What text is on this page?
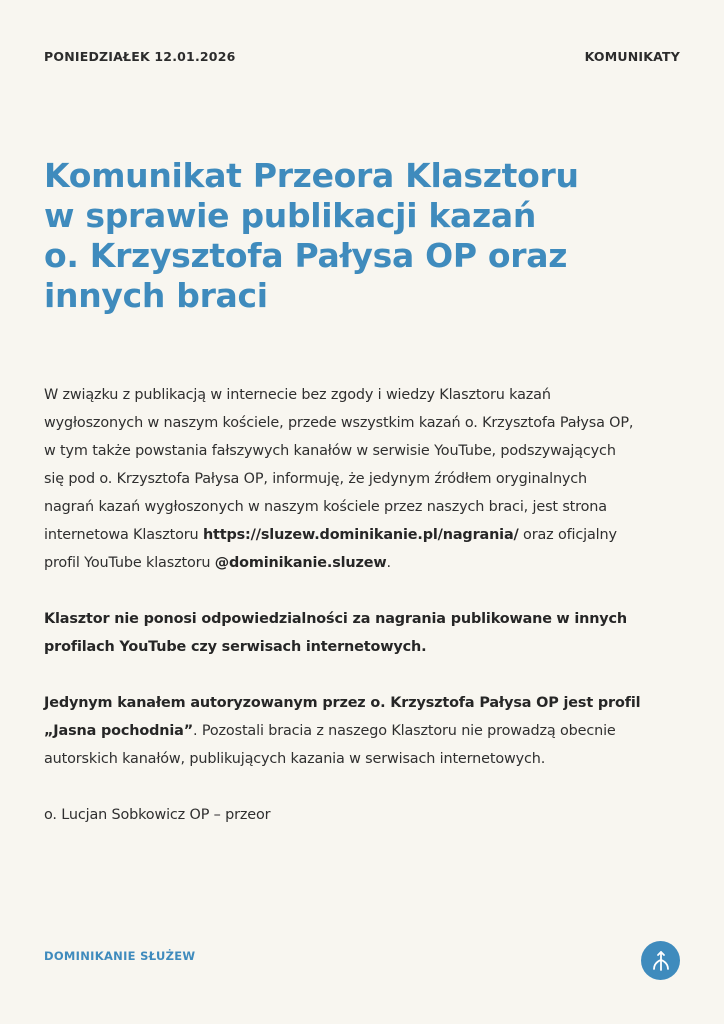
PONIEDZIAŁEK 12.01.2026	KOMUNIKATY
Komunikat Przeora Klasztoru
w sprawie publikacji kazań
o. Krzysztofa Pałysa OP oraz
innych braci

W związku z publikacją w internecie bez zgody i wiedzy Klasztoru kazań
wygłoszonych w naszym kościele, przede wszystkim kazań o. Krzysztofa Pałysa OP,
w tym także powstania fałszywych kanałów w serwisie YouTube, podszywających
się pod o. Krzysztofa Pałysa OP, informuję, że jedynym źródłem oryginalnych
nagrań kazań wygłoszonych w naszym kościele przez naszych braci, jest strona
internetowa Klasztoru https://sluzew.dominikanie.pl/nagrania/ oraz oficjalny
profil YouTube klasztoru @dominikanie.sluzew.

Klasztor nie ponosi odpowiedzialności za nagrania publikowane w innych profilach YouTube czy serwisach internetowych.

Jedynym kanałem autoryzowanym przez o. Krzysztofa Pałysa OP jest profil
„Jasna pochodnia”. Pozostali bracia z naszego Klasztoru nie prowadzą obecnie
autorskich kanałów, publikujących kazania w serwisach internetowych.

o. Lucjan Sobkowicz OP – przeor

DOMINIKANIE SŁUŻEW
